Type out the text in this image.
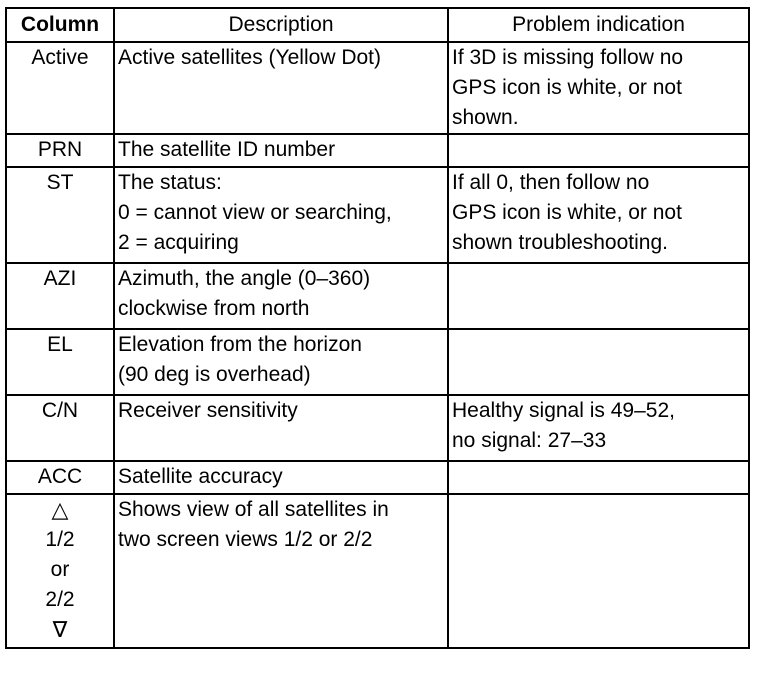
Column	Description	Problem indication
Active	Active satellites (Yellow Dot)	If 3D is missing follow no
GPS icon is white, or not
shown.

PRN	The satellite ID number	

ST	The status:
0 = cannot view or searching,
2 = acquiring	If all 0, then follow no
GPS icon is white, or not
shown troubleshooting.

AZI	Azimuth, the angle (0–360)
clockwise from north	

EL	Elevation from the horizon
(90 deg is overhead)	

C/N	Receiver sensitivity	Healthy signal is 49–52,
no signal: 27–33

ACC	Satellite accuracy	

△
1/2
or
2/2
∇	Shows view of all satellites in
two screen views 1/2 or 2/2	
